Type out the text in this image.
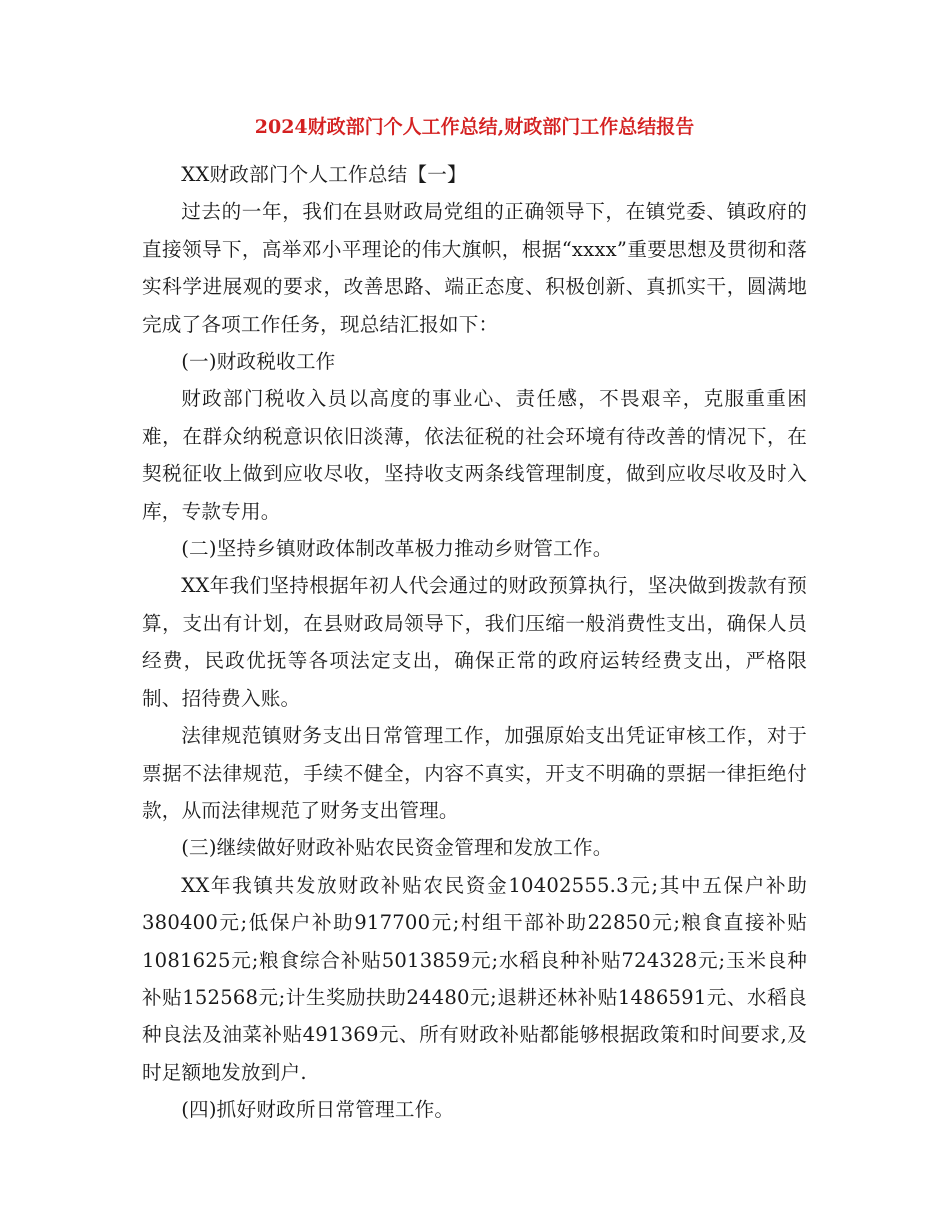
2024财政部门个人工作总结,财政部门工作总结报告

XX财政部门个人工作总结【一】

过去的一年，我们在县财政局党组的正确领导下，在镇党委、镇政府的直接领导下，高举邓小平理论的伟大旗帜，根据“xxxx”重要思想及贯彻和落实科学进展观的要求，改善思路、端正态度、积极创新、真抓实干，圆满地完成了各项工作任务，现总结汇报如下：

(一)财政税收工作

财政部门税收入员以高度的事业心、责任感，不畏艰辛，克服重重困难，在群众纳税意识依旧淡薄，依法征税的社会环境有待改善的情况下，在契税征收上做到应收尽收，坚持收支两条线管理制度，做到应收尽收及时入库，专款专用。

(二)坚持乡镇财政体制改革极力推动乡财管工作。

XX年我们坚持根据年初人代会通过的财政预算执行，坚决做到拨款有预算，支出有计划，在县财政局领导下，我们压缩一般消费性支出，确保人员经费，民政优抚等各项法定支出，确保正常的政府运转经费支出，严格限制、招待费入账。

法律规范镇财务支出日常管理工作，加强原始支出凭证审核工作，对于票据不法律规范，手续不健全，内容不真实，开支不明确的票据一律拒绝付款，从而法律规范了财务支出管理。

(三)继续做好财政补贴农民资金管理和发放工作。

XX年我镇共发放财政补贴农民资金10402555.3元;其中五保户补助380400元;低保户补助917700元;村组干部补助22850元;粮食直接补贴1081625元;粮食综合补贴5013859元;水稻良种补贴724328元;玉米良种补贴152568元;计生奖励扶助24480元;退耕还林补贴1486591元、水稻良种良法及油菜补贴491369元、所有财政补贴都能够根据政策和时间要求,及时足额地发放到户.

(四)抓好财政所日常管理工作。
